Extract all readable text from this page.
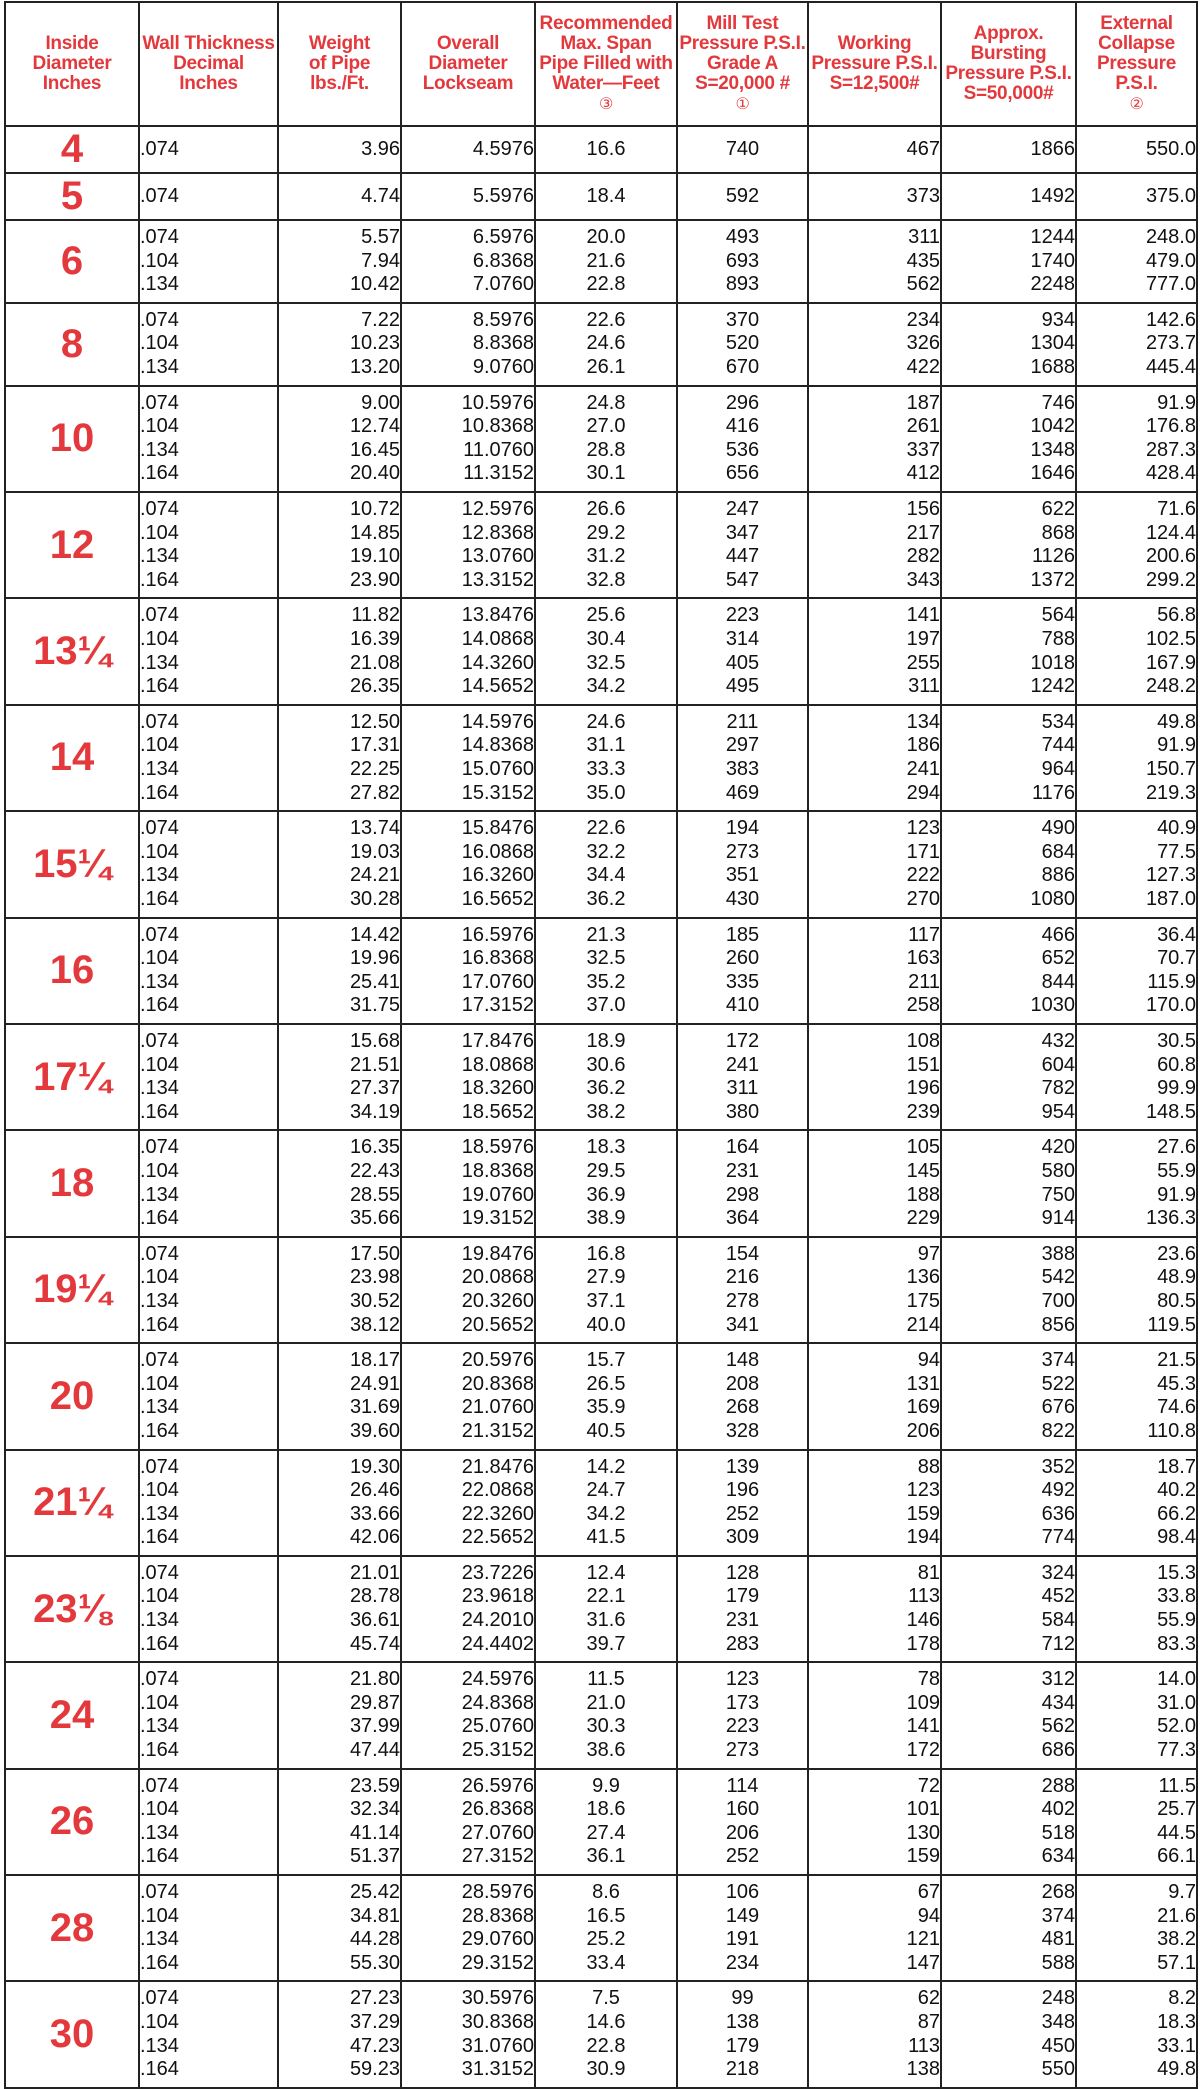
Inside
Diameter
Inches	Wall Thickness
Decimal
Inches	Weight
of Pipe
lbs./Ft.	Overall
Diameter
Lockseam	Recommended
Max. Span
Pipe Filled with
Water—Feet
③	Mill Test
Pressure P.S.I.
Grade A
S=20,000 #
①	Working
Pressure P.S.I.
S=12,500#	Approx.
Bursting
Pressure P.S.I.
S=50,000#	External
Collapse
Pressure
P.S.I.
②

4	.074	3.96	4.5976	16.6	740	467	1866	550.0

5	.074	4.74	5.5976	18.4	592	373	1492	375.0

6	.074
.104
.134	5.57
7.94
10.42	6.5976
6.8368
7.0760	20.0
21.6
22.8	493
693
893	311
435
562	1244
1740
2248	248.0
479.0
777.0

8	.074
.104
.134	7.22
10.23
13.20	8.5976
8.8368
9.0760	22.6
24.6
26.1	370
520
670	234
326
422	934
1304
1688	142.6
273.7
445.4

10	.074
.104
.134
.164	9.00
12.74
16.45
20.40	10.5976
10.8368
11.0760
11.3152	24.8
27.0
28.8
30.1	296
416
536
656	187
261
337
412	746
1042
1348
1646	91.9
176.8
287.3
428.4

12	.074
.104
.134
.164	10.72
14.85
19.10
23.90	12.5976
12.8368
13.0760
13.3152	26.6
29.2
31.2
32.8	247
347
447
547	156
217
282
343	622
868
1126
1372	71.6
124.4
200.6
299.2

13¼	.074
.104
.134
.164	11.82
16.39
21.08
26.35	13.8476
14.0868
14.3260
14.5652	25.6
30.4
32.5
34.2	223
314
405
495	141
197
255
311	564
788
1018
1242	56.8
102.5
167.9
248.2

14	.074
.104
.134
.164	12.50
17.31
22.25
27.82	14.5976
14.8368
15.0760
15.3152	24.6
31.1
33.3
35.0	211
297
383
469	134
186
241
294	534
744
964
1176	49.8
91.9
150.7
219.3

15¼	.074
.104
.134
.164	13.74
19.03
24.21
30.28	15.8476
16.0868
16.3260
16.5652	22.6
32.2
34.4
36.2	194
273
351
430	123
171
222
270	490
684
886
1080	40.9
77.5
127.3
187.0

16	.074
.104
.134
.164	14.42
19.96
25.41
31.75	16.5976
16.8368
17.0760
17.3152	21.3
32.5
35.2
37.0	185
260
335
410	117
163
211
258	466
652
844
1030	36.4
70.7
115.9
170.0

17¼	.074
.104
.134
.164	15.68
21.51
27.37
34.19	17.8476
18.0868
18.3260
18.5652	18.9
30.6
36.2
38.2	172
241
311
380	108
151
196
239	432
604
782
954	30.5
60.8
99.9
148.5

18	.074
.104
.134
.164	16.35
22.43
28.55
35.66	18.5976
18.8368
19.0760
19.3152	18.3
29.5
36.9
38.9	164
231
298
364	105
145
188
229	420
580
750
914	27.6
55.9
91.9
136.3

19¼	.074
.104
.134
.164	17.50
23.98
30.52
38.12	19.8476
20.0868
20.3260
20.5652	16.8
27.9
37.1
40.0	154
216
278
341	97
136
175
214	388
542
700
856	23.6
48.9
80.5
119.5

20	.074
.104
.134
.164	18.17
24.91
31.69
39.60	20.5976
20.8368
21.0760
21.3152	15.7
26.5
35.9
40.5	148
208
268
328	94
131
169
206	374
522
676
822	21.5
45.3
74.6
110.8

21¼	.074
.104
.134
.164	19.30
26.46
33.66
42.06	21.8476
22.0868
22.3260
22.5652	14.2
24.7
34.2
41.5	139
196
252
309	88
123
159
194	352
492
636
774	18.7
40.2
66.2
98.4

23⅛	.074
.104
.134
.164	21.01
28.78
36.61
45.74	23.7226
23.9618
24.2010
24.4402	12.4
22.1
31.6
39.7	128
179
231
283	81
113
146
178	324
452
584
712	15.3
33.8
55.9
83.3

24	.074
.104
.134
.164	21.80
29.87
37.99
47.44	24.5976
24.8368
25.0760
25.3152	11.5
21.0
30.3
38.6	123
173
223
273	78
109
141
172	312
434
562
686	14.0
31.0
52.0
77.3

26	.074
.104
.134
.164	23.59
32.34
41.14
51.37	26.5976
26.8368
27.0760
27.3152	9.9
18.6
27.4
36.1	114
160
206
252	72
101
130
159	288
402
518
634	11.5
25.7
44.5
66.1

28	.074
.104
.134
.164	25.42
34.81
44.28
55.30	28.5976
28.8368
29.0760
29.3152	8.6
16.5
25.2
33.4	106
149
191
234	67
94
121
147	268
374
481
588	9.7
21.6
38.2
57.1

30	.074
.104
.134
.164	27.23
37.29
47.23
59.23	30.5976
30.8368
31.0760
31.3152	7.5
14.6
22.8
30.9	99
138
179
218	62
87
113
138	248
348
450
550	8.2
18.3
33.1
49.8
